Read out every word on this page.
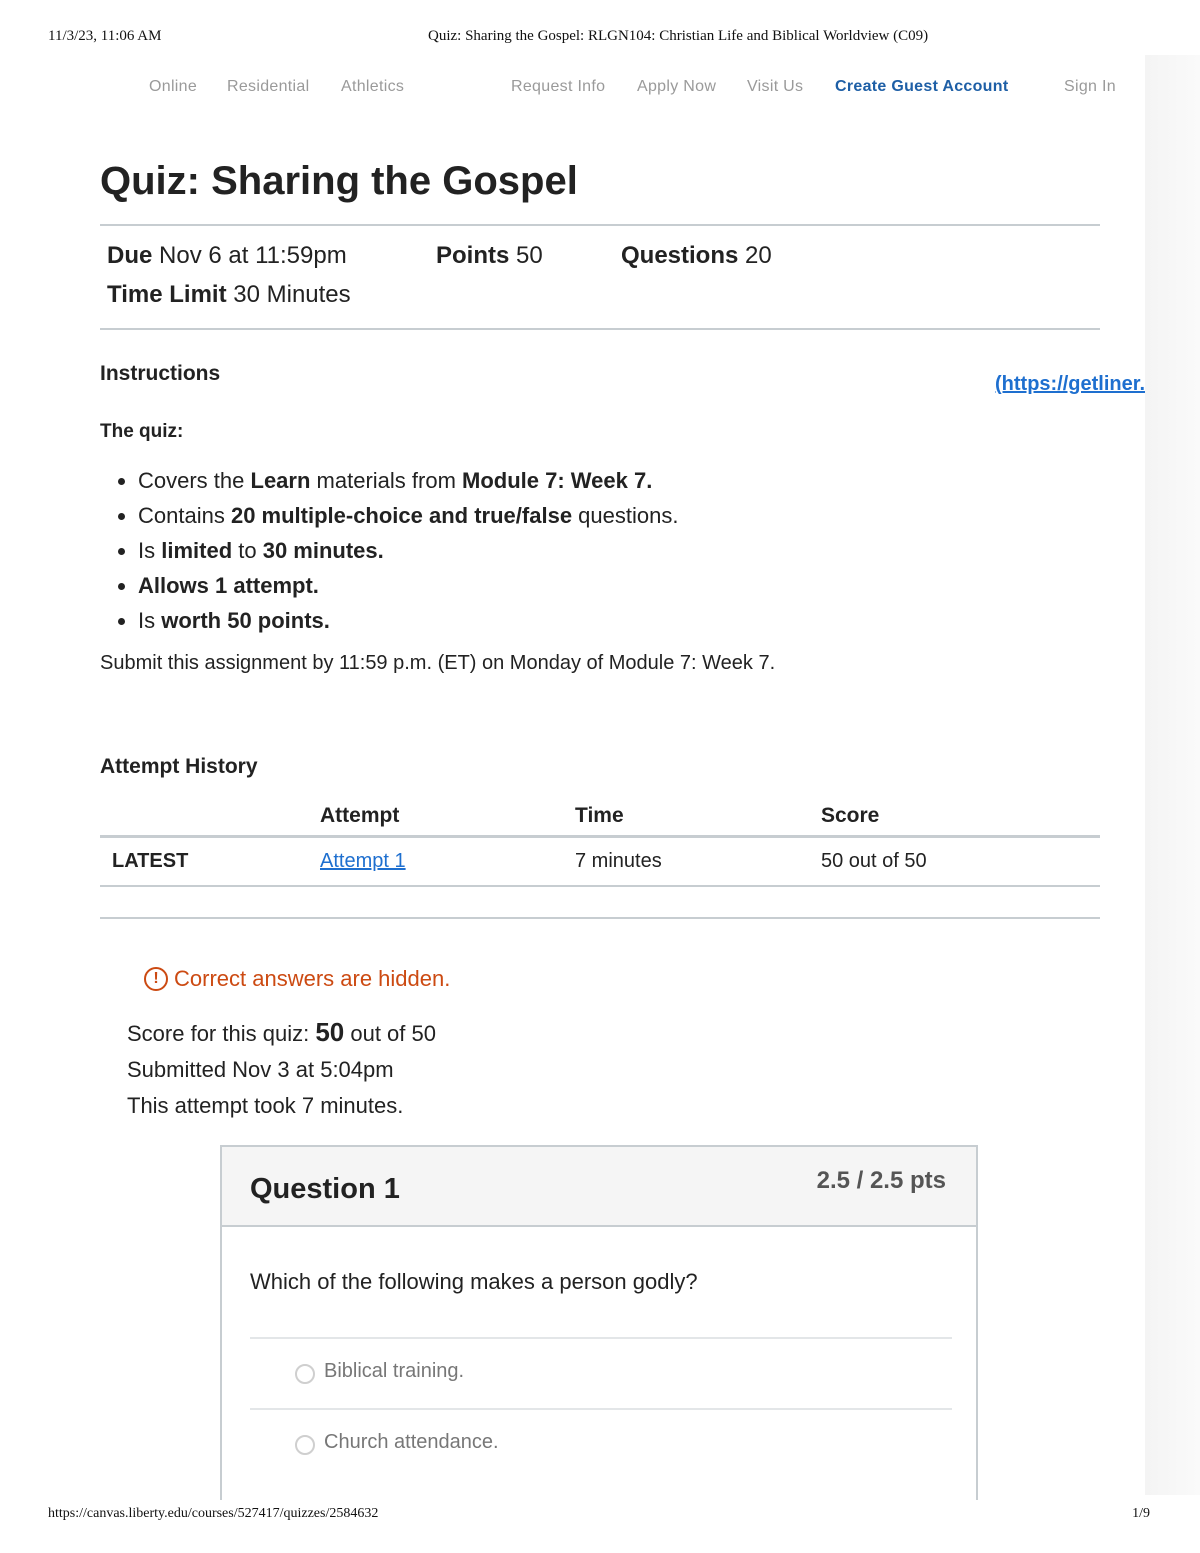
11/3/23, 11:06 AM	Quiz: Sharing the Gospel: RLGN104: Christian Life and Biblical Worldview (C09)
Online Residential Athletics	Request Info Apply Now Visit Us Create Guest Account	Sign In
Quiz: Sharing the Gospel
Due Nov 6 at 11:59pm	Points 50	Questions 20
Time Limit 30 Minutes
Instructions
The quiz:
• Covers the Learn materials from Module 7: Week 7.
• Contains 20 multiple-choice and true/false questions.
• Is limited to 30 minutes.
• Allows 1 attempt.
• Is worth 50 points.
Submit this assignment by 11:59 p.m. (ET) on Monday of Module 7: Week 7.
Attempt History
	Attempt	Time	Score
LATEST	Attempt 1	7 minutes	50 out of 50
! Correct answers are hidden.
Score for this quiz: 50 out of 50
Submitted Nov 3 at 5:04pm
This attempt took 7 minutes.
(https://getliner.
Question 1	2.5 / 2.5 pts
Which of the following makes a person godly?
Biblical training.
Church attendance.
https://canvas.liberty.edu/courses/527417/quizzes/2584632	1/9
